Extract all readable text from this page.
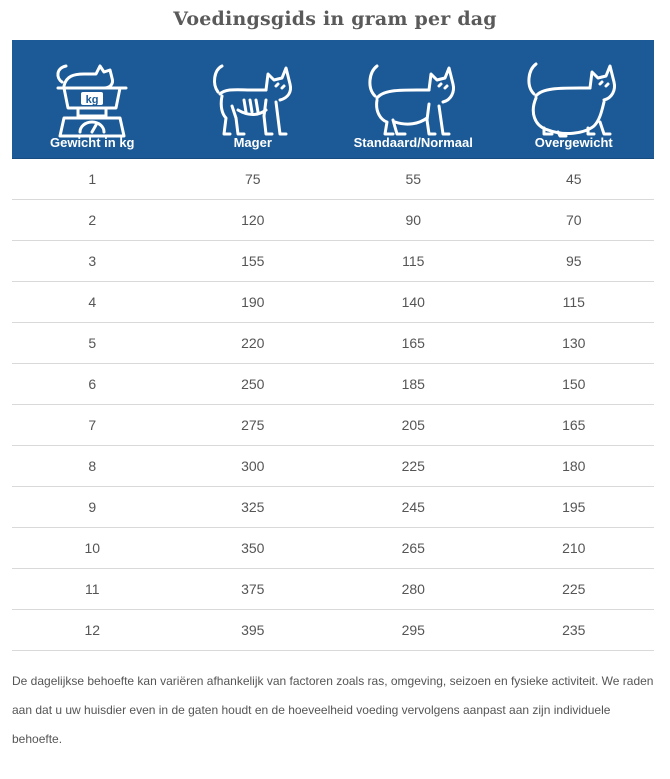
Voedingsgids in gram per dag
kg
Gewicht in kg	Mager	Standaard/Normaal	Overgewicht
1	75	55	45
2	120	90	70
3	155	115	95
4	190	140	115
5	220	165	130
6	250	185	150
7	275	205	165
8	300	225	180
9	325	245	195
10	350	265	210
11	375	280	225
12	395	295	235

De dagelijkse behoefte kan variëren afhankelijk van factoren zoals ras, omgeving, seizoen en fysieke activiteit. We raden aan dat u uw huisdier even in de gaten houdt en de hoeveelheid voeding vervolgens aanpast aan zijn individuele behoefte.
